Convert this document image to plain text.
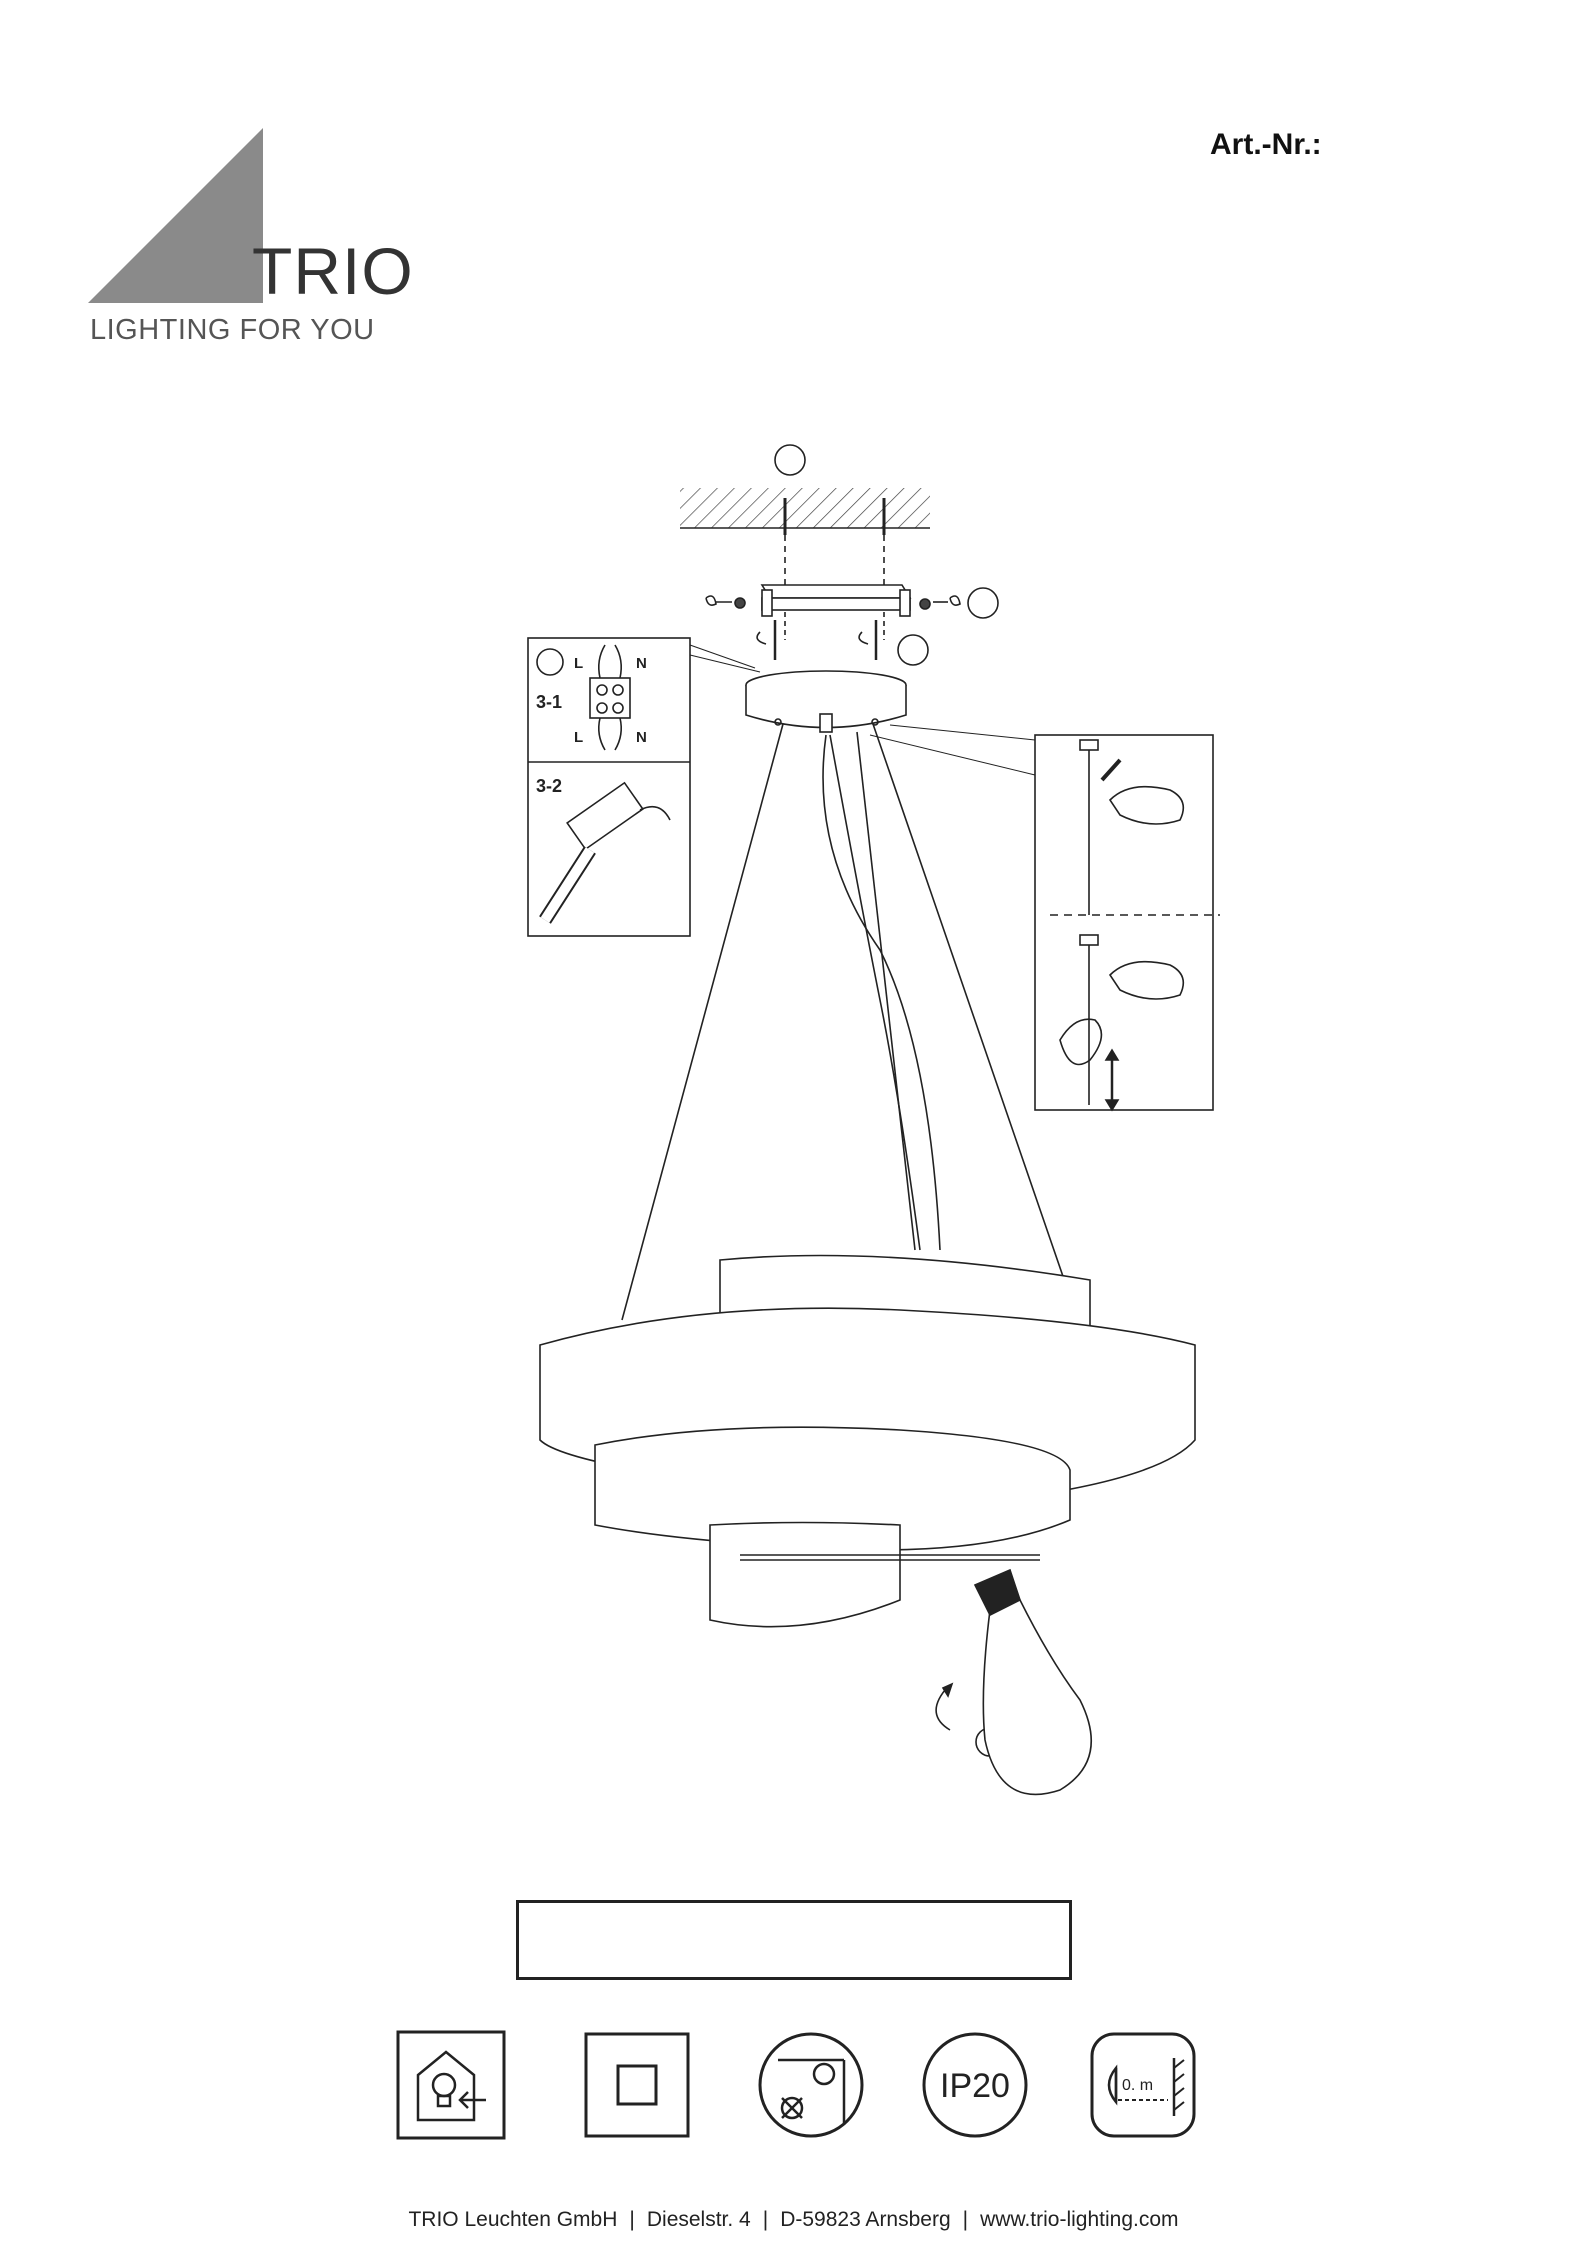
TRIO
LIGHTING FOR YOU
Art.-Nr.:
3-1
3-2
L	N
L	N
IP20	0. m
TRIO Leuchten GmbH | Dieselstr. 4 | D-59823 Arnsberg | www.trio-lighting.com
